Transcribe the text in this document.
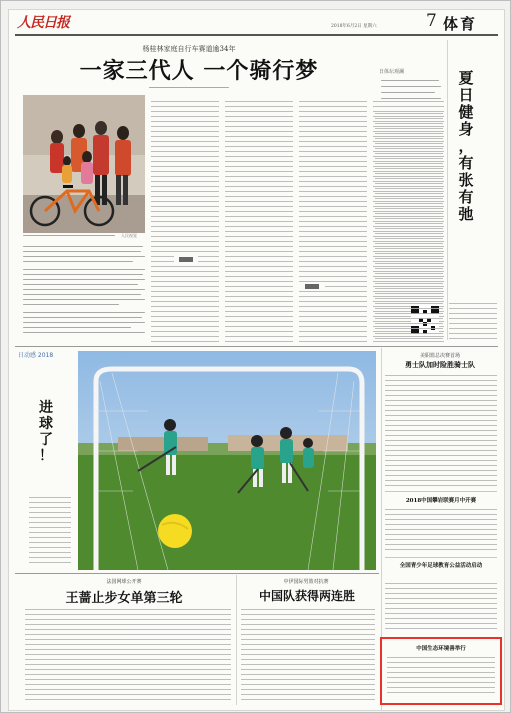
人民日报	2018年6月2日 星期六	7 体育
杨桂林家庭自行车赛道逾34年
一家三代人 一个骑行梦
人民视觉
日体坛观澜	夏
日
健
身
，
有
张
有
弛
日动感 2018
进
球
了
！
美职篮总决赛首场
勇士队加时险胜骑士队
2018中国攀岩联赛月中开赛
全国青少年足球教育公益活动启动
中国生态环境善举行
法国网球公开赛
王蔷止步女单第三轮
中伊国际男篮对抗赛
中国队获得两连胜
